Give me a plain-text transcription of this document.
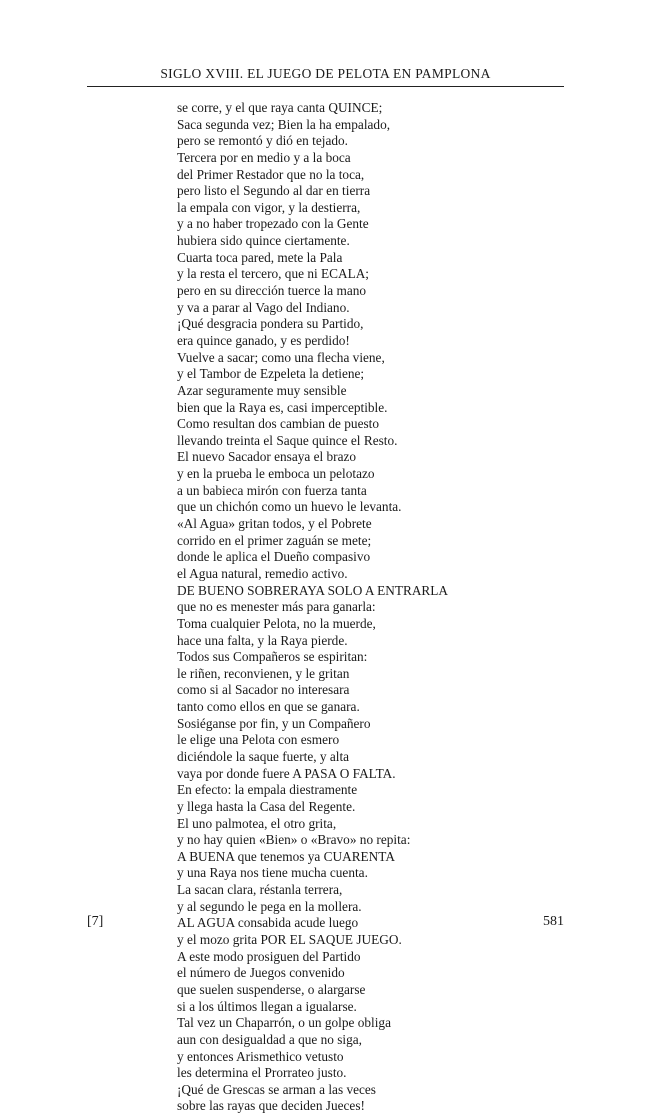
SIGLO XVIII. EL JUEGO DE PELOTA EN PAMPLONA
se corre, y el que raya canta QUINCE;
Saca segunda vez; Bien la ha empalado,
pero se remontó y dió en tejado.
Tercera por en medio y a la boca
del Primer Restador que no la toca,
pero listo el Segundo al dar en tierra
la empala con vigor, y la destierra,
y a no haber tropezado con la Gente
hubiera sido quince ciertamente.
Cuarta toca pared, mete la Pala
y la resta el tercero, que ni ECALA;
pero en su dirección tuerce la mano
y va a parar al Vago del Indiano.
¡Qué desgracia pondera su Partido,
era quince ganado, y es perdido!
Vuelve a sacar; como una flecha viene,
y el Tambor de Ezpeleta la detiene;
Azar seguramente muy sensible
bien que la Raya es, casi imperceptible.
Como resultan dos cambian de puesto
llevando treinta el Saque quince el Resto.
El nuevo Sacador ensaya el brazo
y en la prueba le emboca un pelotazo
a un babieca mirón con fuerza tanta
que un chichón como un huevo le levanta.
«Al Agua» gritan todos, y el Pobrete
corrido en el primer zaguán se mete;
donde le aplica el Dueño compasivo
el Agua natural, remedio activo.
DE BUENO SOBRERAYA SOLO A ENTRARLA
que no es menester más para ganarla:
Toma cualquier Pelota, no la muerde,
hace una falta, y la Raya pierde.
Todos sus Compañeros se espiritan:
le riñen, reconvienen, y le gritan
como si al Sacador no interesara
tanto como ellos en que se ganara.
Sosiéganse por fin, y un Compañero
le elige una Pelota con esmero
diciéndole la saque fuerte, y alta
vaya por donde fuere A PASA O FALTA.
En efecto: la empala diestramente
y llega hasta la Casa del Regente.
El uno palmotea, el otro grita,
y no hay quien «Bien» o «Bravo» no repita:
A BUENA que tenemos ya CUARENTA
y una Raya nos tiene mucha cuenta.
La sacan clara, réstanla terrera,
y al segundo le pega en la mollera.
AL AGUA consabida acude luego
y el mozo grita POR EL SAQUE JUEGO.
A este modo prosiguen del Partido
el número de Juegos convenido
que suelen suspenderse, o alargarse
si a los últimos llegan a igualarse.
Tal vez un Chaparrón, o un golpe obliga
aun con desigualdad a que no siga,
y entonces Arismethico vetusto
les determina el Prorrateo justo.
¡Qué de Grescas se arman a las veces
sobre las rayas que deciden Jueces!
[7]	581
